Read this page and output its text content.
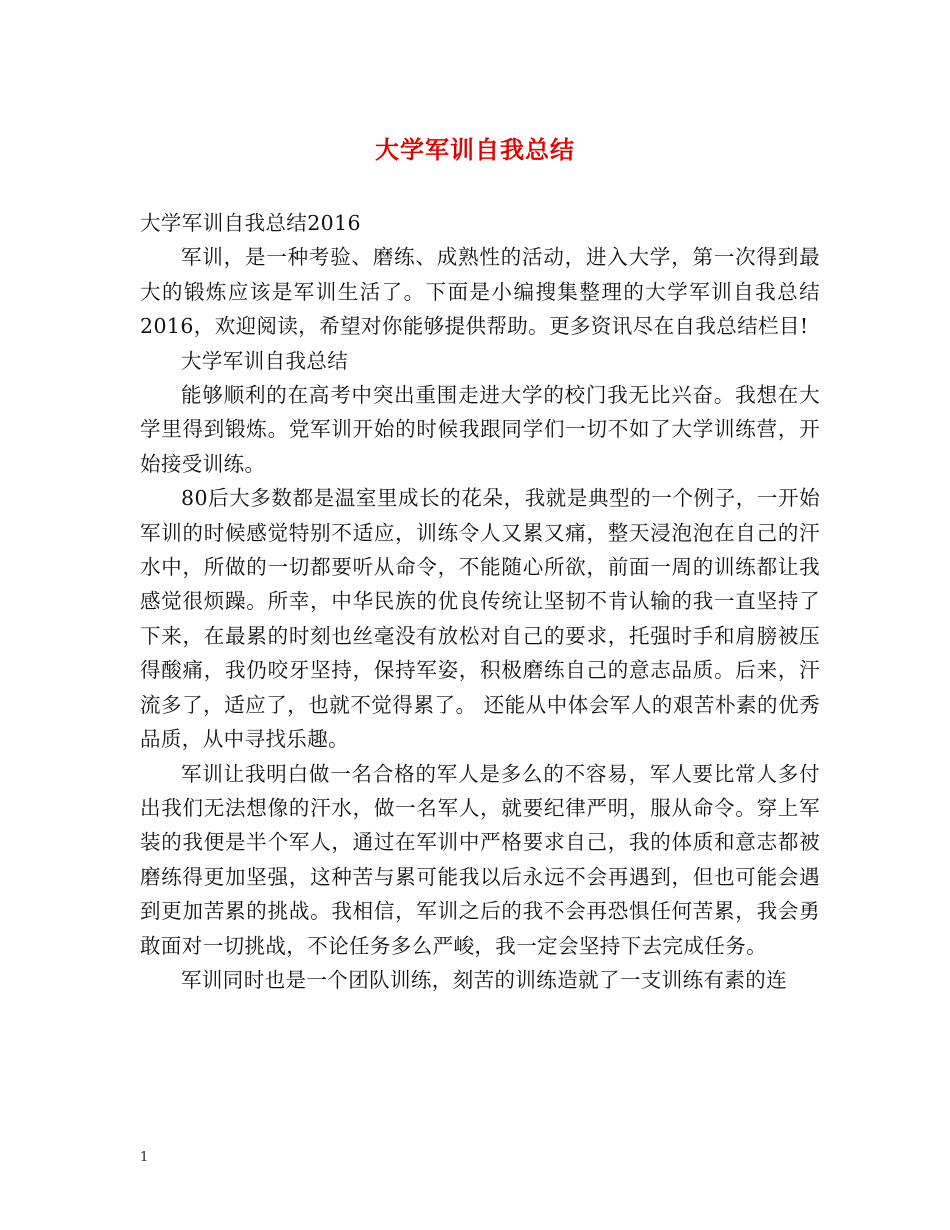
大学军训自我总结

大学军训自我总结2016

军训，是一种考验、磨练、成熟性的活动，进入大学，第一次得到最大的锻炼应该是军训生活了。下面是小编搜集整理的大学军训自我总结2016，欢迎阅读，希望对你能够提供帮助。更多资讯尽在自我总结栏目!

大学军训自我总结

能够顺利的在高考中突出重围走进大学的校门我无比兴奋。我想在大学里得到锻炼。党军训开始的时候我跟同学们一切不如了大学训练营，开始接受训练。

80后大多数都是温室里成长的花朵，我就是典型的一个例子，一开始军训的时候感觉特别不适应，训练令人又累又痛，整天浸泡泡在自己的汗水中，所做的一切都要听从命令，不能随心所欲，前面一周的训练都让我感觉很烦躁。所幸，中华民族的优良传统让坚韧不肯认输的我一直坚持了下来，在最累的时刻也丝毫没有放松对自己的要求，托强时手和肩膀被压得酸痛，我仍咬牙坚持，保持军姿，积极磨练自己的意志品质。后来，汗流多了，适应了，也就不觉得累了。 还能从中体会军人的艰苦朴素的优秀品质，从中寻找乐趣。

军训让我明白做一名合格的军人是多么的不容易，军人要比常人多付出我们无法想像的汗水，做一名军人，就要纪律严明，服从命令。穿上军装的我便是半个军人，通过在军训中严格要求自己，我的体质和意志都被磨练得更加坚强，这种苦与累可能我以后永远不会再遇到，但也可能会遇到更加苦累的挑战。我相信，军训之后的我不会再恐惧任何苦累，我会勇敢面对一切挑战，不论任务多么严峻，我一定会坚持下去完成任务。

军训同时也是一个团队训练，刻苦的训练造就了一支训练有素的连

1
